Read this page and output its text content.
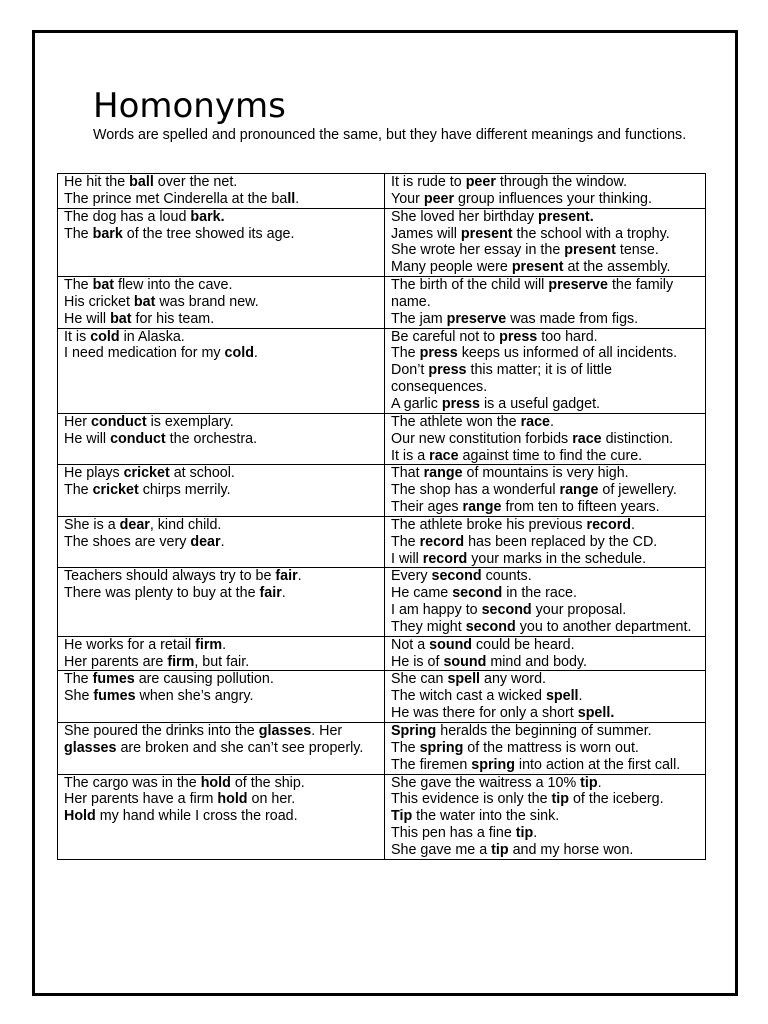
Homonyms

Words are spelled and pronounced the same, but they have different meanings and functions.

He hit the ball over the net.
The prince met Cinderella at the ball.	It is rude to peer through the window.
Your peer group influences your thinking.

The dog has a loud bark.
The bark of the tree showed its age.	She loved her birthday present.
James will present the school with a trophy.
She wrote her essay in the present tense.
Many people were present at the assembly.

The bat flew into the cave.
His cricket bat was brand new.
He will bat for his team.	The birth of the child will preserve the family name.
The jam preserve was made from figs.

It is cold in Alaska.
I need medication for my cold.	Be careful not to press too hard.
The press keeps us informed of all incidents.
Don’t press this matter; it is of little consequences.
A garlic press is a useful gadget.

Her conduct is exemplary.
He will conduct the orchestra.	The athlete won the race.
Our new constitution forbids race distinction.
It is a race against time to find the cure.

He plays cricket at school.
The cricket chirps merrily.	That range of mountains is very high.
The shop has a wonderful range of jewellery.
Their ages range from ten to fifteen years.

She is a dear, kind child.
The shoes are very dear.	The athlete broke his previous record.
The record has been replaced by the CD.
I will record your marks in the schedule.

Teachers should always try to be fair.
There was plenty to buy at the fair.	Every second counts.
He came second in the race.
I am happy to second your proposal.
They might second you to another department.

He works for a retail firm.
Her parents are firm, but fair.	Not a sound could be heard.
He is of sound mind and body.

The fumes are causing pollution.
She fumes when she’s angry.	She can spell any word.
The witch cast a wicked spell.
He was there for only a short spell.

She poured the drinks into the glasses. Her glasses are broken and she can’t see properly.	Spring heralds the beginning of summer.
The spring of the mattress is worn out.
The firemen spring into action at the first call.

The cargo was in the hold of the ship.
Her parents have a firm hold on her.
Hold my hand while I cross the road.	She gave the waitress a 10% tip.
This evidence is only the tip of the iceberg.
Tip the water into the sink.
This pen has a fine tip.
She gave me a tip and my horse won.
